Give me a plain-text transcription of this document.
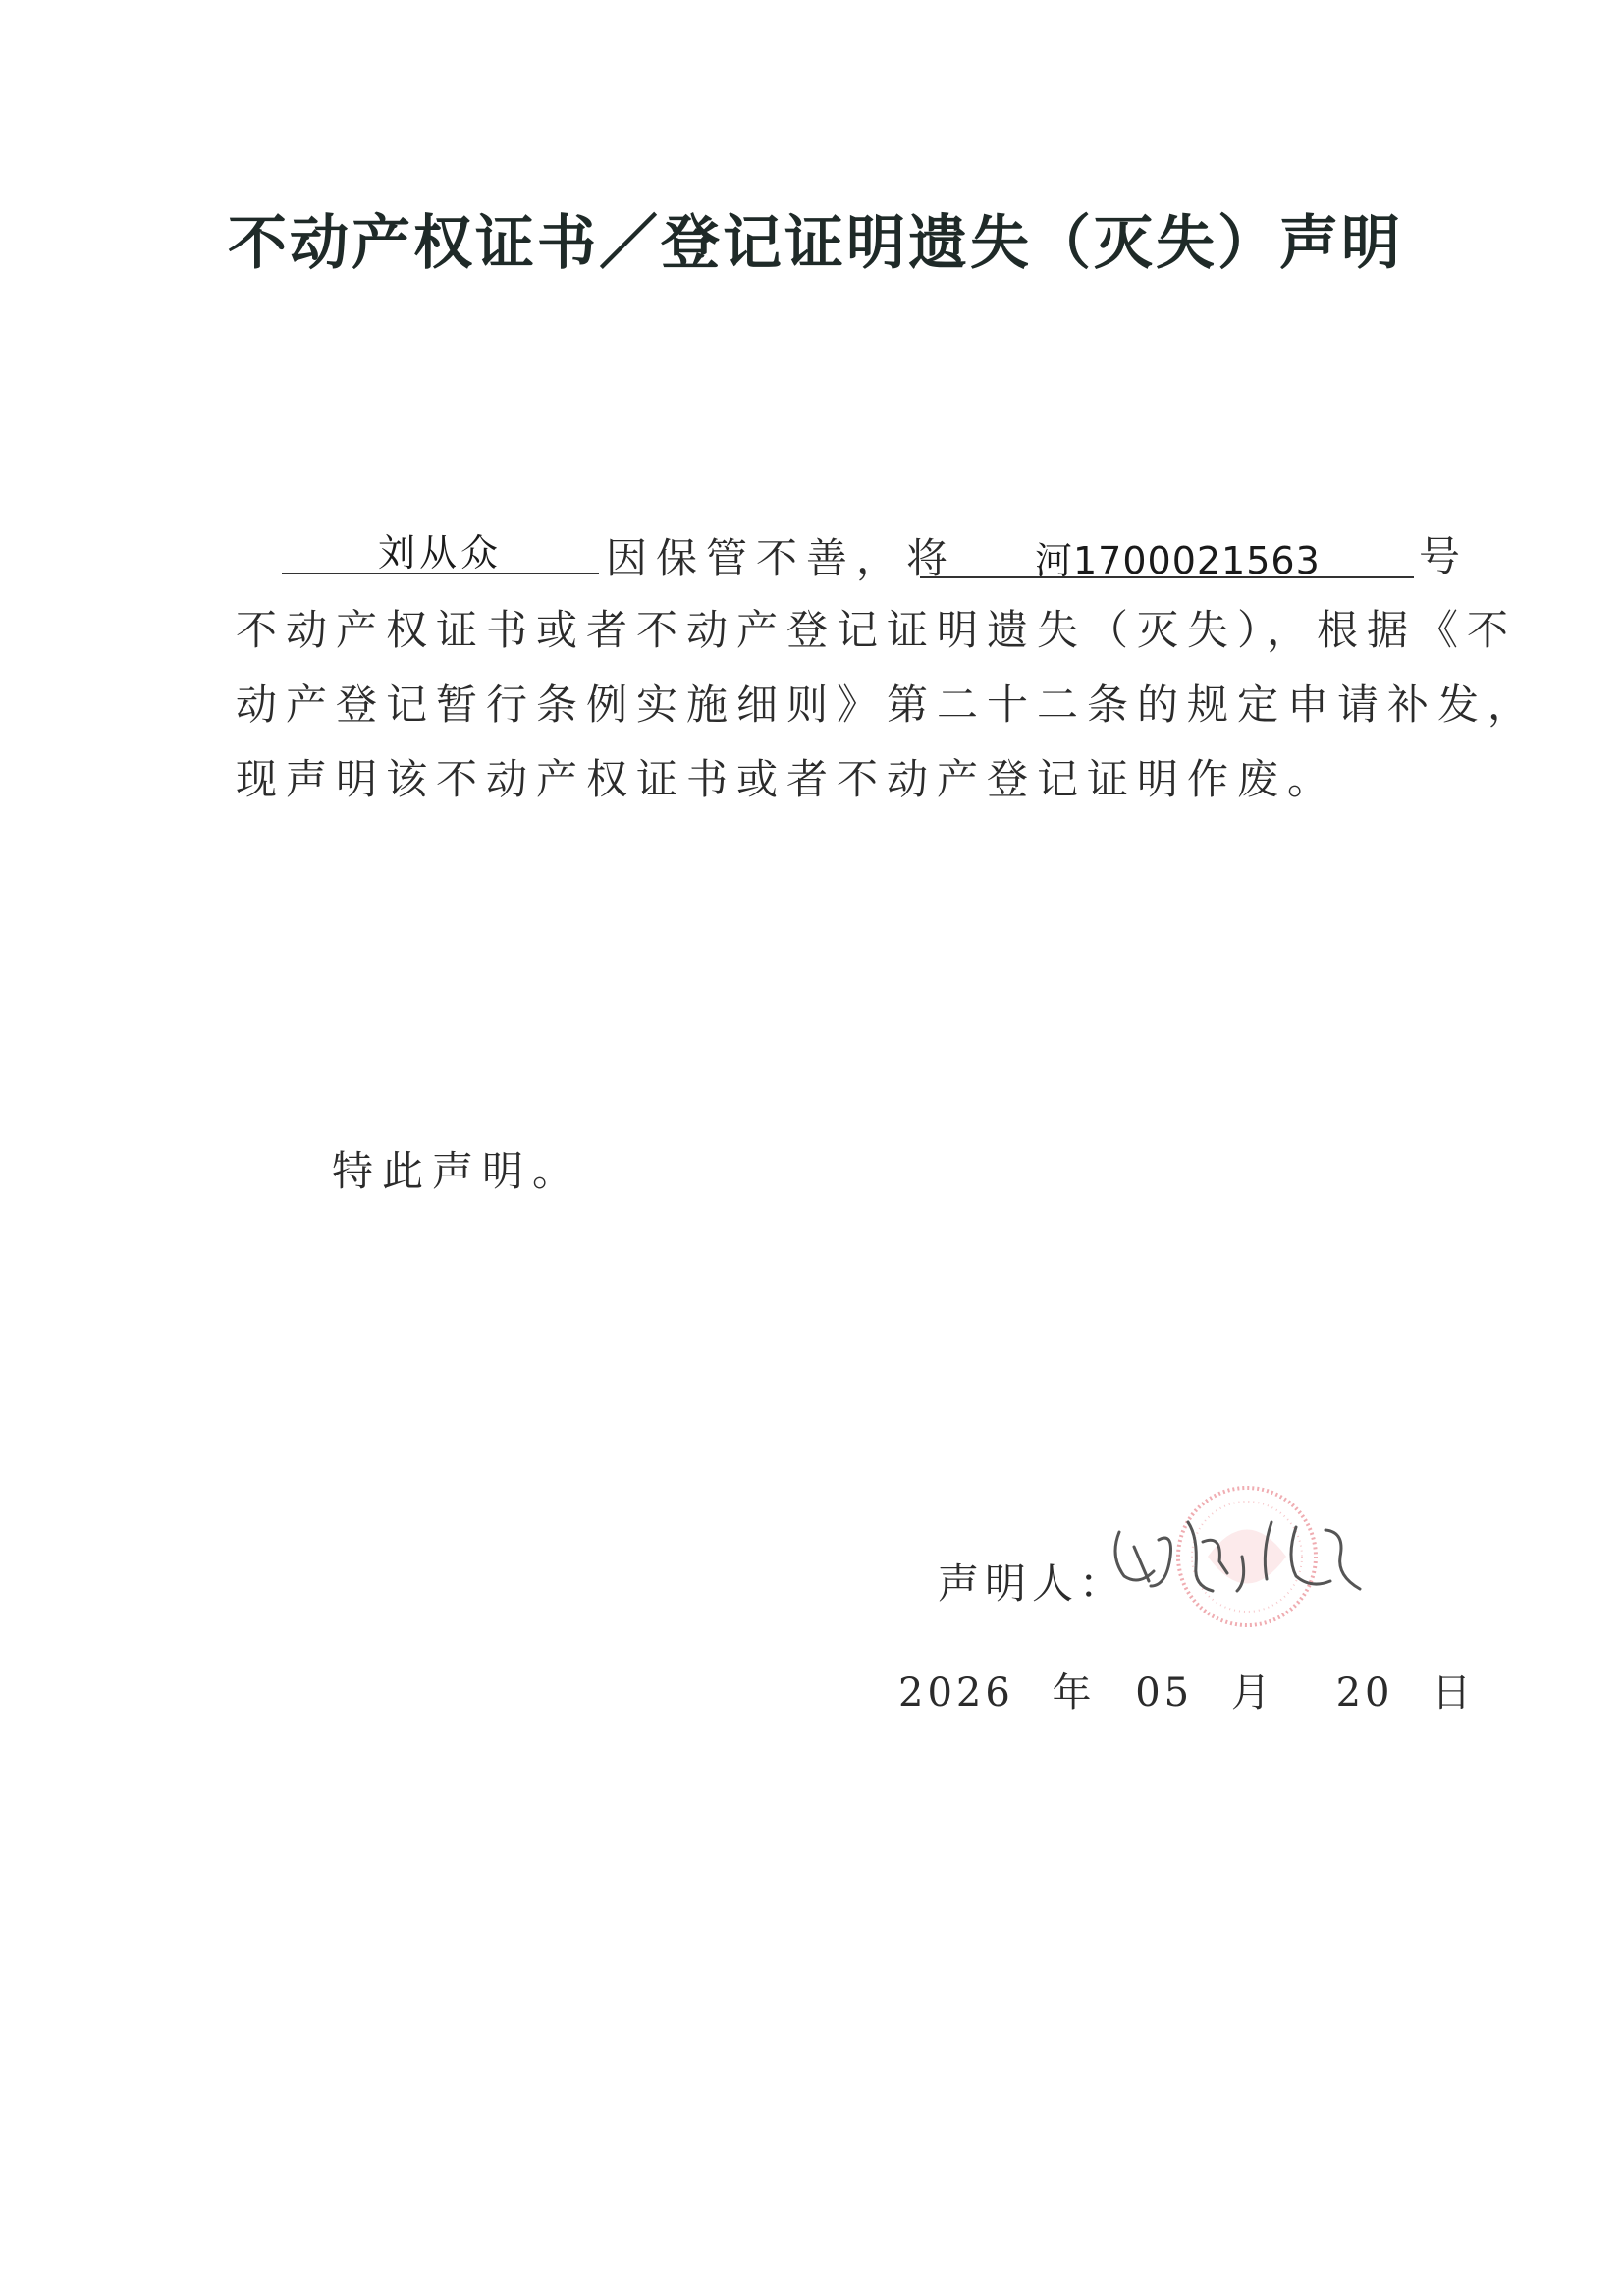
不动产权证书／登记证明遗失（灭失）声明
刘从众	因保管不善，将 河1700021563 号
不动产权证书或者不动产登记证明遗失（灭失），根据《不
动产登记暂行条例实施细则》第二十二条的规定申请补发，
现声明该不动产权证书或者不动产登记证明作废。
特此声明。
声明人：
2026 年 05 月 20 日
